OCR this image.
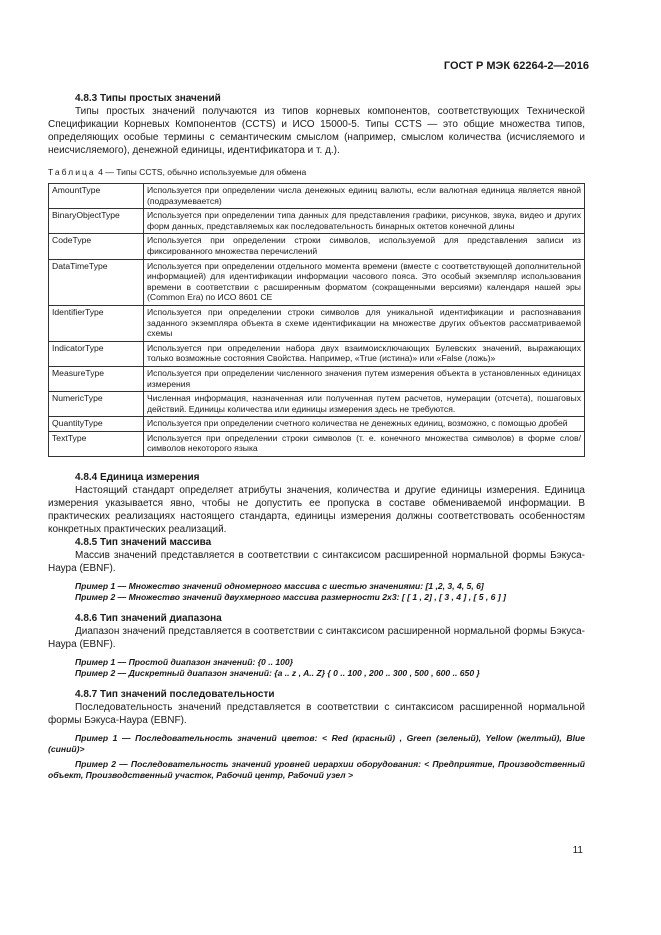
ГОСТ Р МЭК 62264-2—2016
4.8.3 Типы простых значений

Типы простых значений получаются из типов корневых компонентов, соответствующих Технической Спецификации Корневых Компонентов (CCTS) и ИСО 15000-5. Типы CCTS — это общие множества типов, определяющих особые термины с семантическим смыслом (например, смыслом количества (исчисляемого и неисчисляемого), денежной единицы, идентификатора и т. д.).

Таблица 4 — Типы CCTS, обычно используемые для обмена
AmountType	Используется при определении числа денежных единиц валюты, если валютная единица является явной (подразумевается)
BinaryObjectType	Используется при определении типа данных для представления графики, рисунков, звука, видео и других форм данных, представляемых как последовательность бинарных октетов конечной длины
CodeType	Используется при определении строки символов, используемой для представления записи из фиксированного множества перечислений
DataTimeType	Используется при определении отдельного момента времени (вместе с соответствующей дополнительной информацией) для идентификации информации часового пояса. Это особый экземпляр использования времени в соответствии с расширенным форматом (сокращенными версиями) календаря нашей эры (Common Era) по ИСО 8601 СЕ
IdentifierType	Используется при определении строки символов для уникальной идентификации и распознавания заданного экземпляра объекта в схеме идентификации на множестве других объектов рассматриваемой схемы
IndicatorType	Используется при определении набора двух взаимоисключающих Булевских значений, выражающих только возможные состояния Свойства. Например, «True (истина)» или «False (ложь)»
MeasureType	Используется при определении численного значения путем измерения объекта в установленных единицах измерения
NumericType	Численная информация, назначенная или полученная путем расчетов, нумерации (отсчета), пошаговых действий. Единицы количества или единицы измерения здесь не требуются.
QuantityType	Используется при определении счетного количества не денежных единиц, возможно, с помощью дробей
TextType	Используется при определении строки символов (т. е. конечного множества символов) в форме слов/символов некоторого языка
4.8.4 Единица измерения

Настоящий стандарт определяет атрибуты значения, количества и другие единицы измерения. Единица измерения указывается явно, чтобы не допустить ее пропуска в составе обмениваемой информации. В практических реализациях настоящего стандарта, единицы измерения должны соответствовать особенностям конкретных практических реализаций.

4.8.5 Тип значений массива

Массив значений представляется в соответствии с синтаксисом расширенной нормальной формы Бэкуса-Наура (EBNF).

Пример 1 — Множество значений одномерного массива с шестью значениями: [1 ,2, 3, 4, 5, 6]
Пример 2 — Множество значений двухмерного массива размерности 2х3: [ [ 1 , 2] , [ 3 , 4 ] , [ 5 , 6 ] ]
4.8.6 Тип значений диапазона

Диапазон значений представляется в соответствии с синтаксисом расширенной нормальной формы Бэкуса-Наура (EBNF).

Пример 1 — Простой диапазон значений: {0 .. 100}
Пример 2 — Дискретный диапазон значений: {a .. z , A.. Z} { 0 .. 100 , 200 .. 300 , 500 , 600 .. 650 }
4.8.7 Тип значений последовательности

Последовательность значений представляется в соответствии с синтаксисом расширенной нормальной формы Бэкуса-Наура (EBNF).

Пример 1 — Последовательность значений цветов: < Red (красный) , Green (зеленый), Yellow (желтый), Blue (синий)>
Пример 2 — Последовательность значений уровней иерархии оборудования: < Предприятие, Производственный объект, Производственный участок, Рабочий центр, Рабочий узел >
11
